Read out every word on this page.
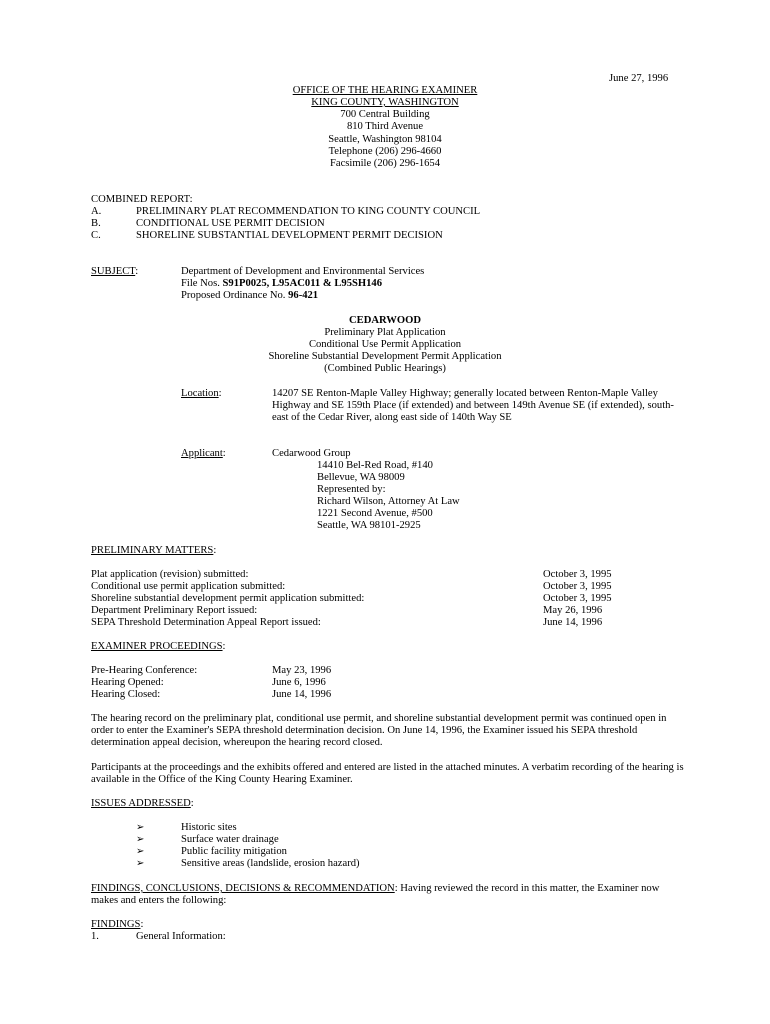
June 27, 1996
OFFICE OF THE HEARING EXAMINER
KING COUNTY, WASHINGTON
700 Central Building
810 Third Avenue
Seattle, Washington 98104
Telephone (206) 296-4660
Facsimile (206) 296-1654
COMBINED REPORT:
A.	PRELIMINARY PLAT RECOMMENDATION TO KING COUNTY COUNCIL
B.	CONDITIONAL USE PERMIT DECISION
C.	SHORELINE SUBSTANTIAL DEVELOPMENT PERMIT DECISION
SUBJECT:	Department of Development and Environmental Services
File Nos. S91P0025, L95AC011 & L95SH146
Proposed Ordinance No. 96-421
CEDARWOOD
Preliminary Plat Application
Conditional Use Permit Application
Shoreline Substantial Development Permit Application
(Combined Public Hearings)
Location:	14207 SE Renton-Maple Valley Highway; generally located between Renton-Maple Valley Highway and SE 159th Place (if extended) and between 149th Avenue SE (if extended), south-east of the Cedar River, along east side of 140th Way SE
Applicant:	Cedarwood Group
14410 Bel-Red Road, #140
Bellevue, WA 98009
Represented by:
Richard Wilson, Attorney At Law
1221 Second Avenue, #500
Seattle, WA 98101-2925
PRELIMINARY MATTERS:
Plat application (revision) submitted:	October 3, 1995
Conditional use permit application submitted:	October 3, 1995
Shoreline substantial development permit application submitted:	October 3, 1995
Department Preliminary Report issued:	May 26, 1996
SEPA Threshold Determination Appeal Report issued:	June 14, 1996
EXAMINER PROCEEDINGS:
Pre-Hearing Conference:	May 23, 1996
Hearing Opened:	June 6, 1996
Hearing Closed:	June 14, 1996
The hearing record on the preliminary plat, conditional use permit, and shoreline substantial development permit was continued open in order to enter the Examiner's SEPA threshold determination decision. On June 14, 1996, the Examiner issued his SEPA threshold determination appeal decision, whereupon the hearing record closed.
Participants at the proceedings and the exhibits offered and entered are listed in the attached minutes. A verbatim recording of the hearing is available in the Office of the King County Hearing Examiner.
ISSUES ADDRESSED:
➢	Historic sites
➢	Surface water drainage
➢	Public facility mitigation
➢	Sensitive areas (landslide, erosion hazard)
FINDINGS, CONCLUSIONS, DECISIONS & RECOMMENDATION: Having reviewed the record in this matter, the Examiner now makes and enters the following:
FINDINGS:
1.	General Information:
